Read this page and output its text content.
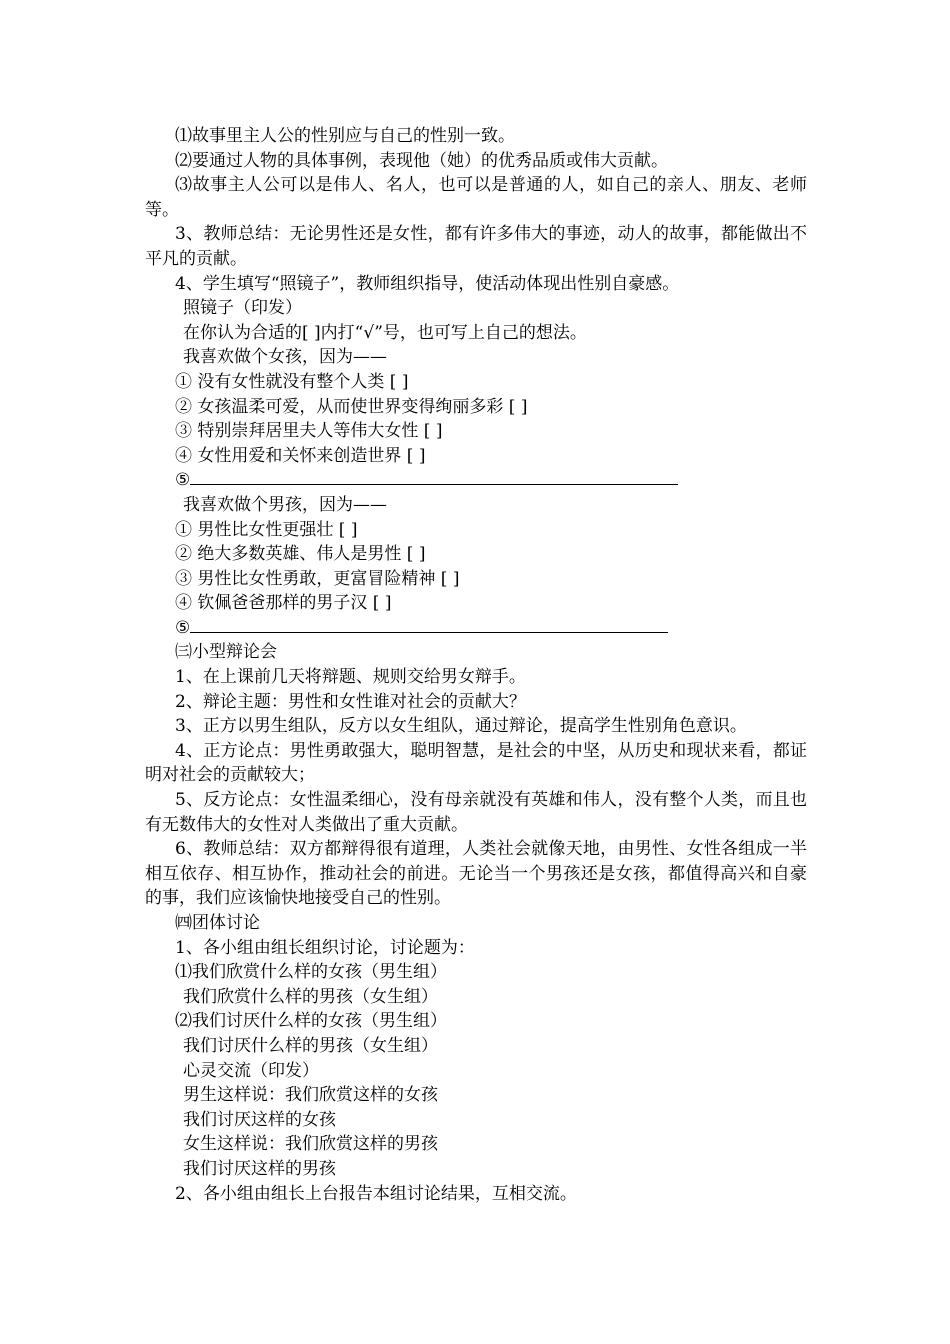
⑴故事里主人公的性别应与自己的性别一致。

⑵要通过人物的具体事例，表现他（她）的优秀品质或伟大贡献。

⑶故事主人公可以是伟人、名人，也可以是普通的人，如自己的亲人、朋友、老师等。

3、教师总结：无论男性还是女性，都有许多伟大的事迹，动人的故事，都能做出不平凡的贡献。

4、学生填写“照镜子”，教师组织指导，使活动体现出性别自豪感。

照镜子（印发）

在你认为合适的[ ]内打“√”号，也可写上自己的想法。

我喜欢做个女孩，因为——

① 没有女性就没有整个人类 [ ]

② 女孩温柔可爱，从而使世界变得绚丽多彩 [ ]

③ 特别崇拜居里夫人等伟大女性 [ ]

④ 女性用爱和关怀来创造世界 [ ]

⑤

我喜欢做个男孩，因为——

① 男性比女性更强壮 [ ]

② 绝大多数英雄、伟人是男性 [ ]

③ 男性比女性勇敢，更富冒险精神 [ ]

④ 钦佩爸爸那样的男子汉 [ ]

⑤

㈢小型辩论会

1、在上课前几天将辩题、规则交给男女辩手。

2、辩论主题：男性和女性谁对社会的贡献大？

3、正方以男生组队，反方以女生组队，通过辩论，提高学生性别角色意识。

4、正方论点：男性勇敢强大，聪明智慧，是社会的中坚，从历史和现状来看，都证明对社会的贡献较大；

5、反方论点：女性温柔细心，没有母亲就没有英雄和伟人，没有整个人类，而且也有无数伟大的女性对人类做出了重大贡献。

6、教师总结：双方都辩得很有道理，人类社会就像天地，由男性、女性各组成一半相互依存、相互协作，推动社会的前进。无论当一个男孩还是女孩，都值得高兴和自豪的事，我们应该愉快地接受自己的性别。

㈣团体讨论

1、各小组由组长组织讨论，讨论题为：

⑴我们欣赏什么样的女孩（男生组）

我们欣赏什么样的男孩（女生组）

⑵我们讨厌什么样的女孩（男生组）

我们讨厌什么样的男孩（女生组）

心灵交流（印发）

男生这样说：我们欣赏这样的女孩

我们讨厌这样的女孩

女生这样说：我们欣赏这样的男孩

我们讨厌这样的男孩

2、各小组由组长上台报告本组讨论结果，互相交流。
